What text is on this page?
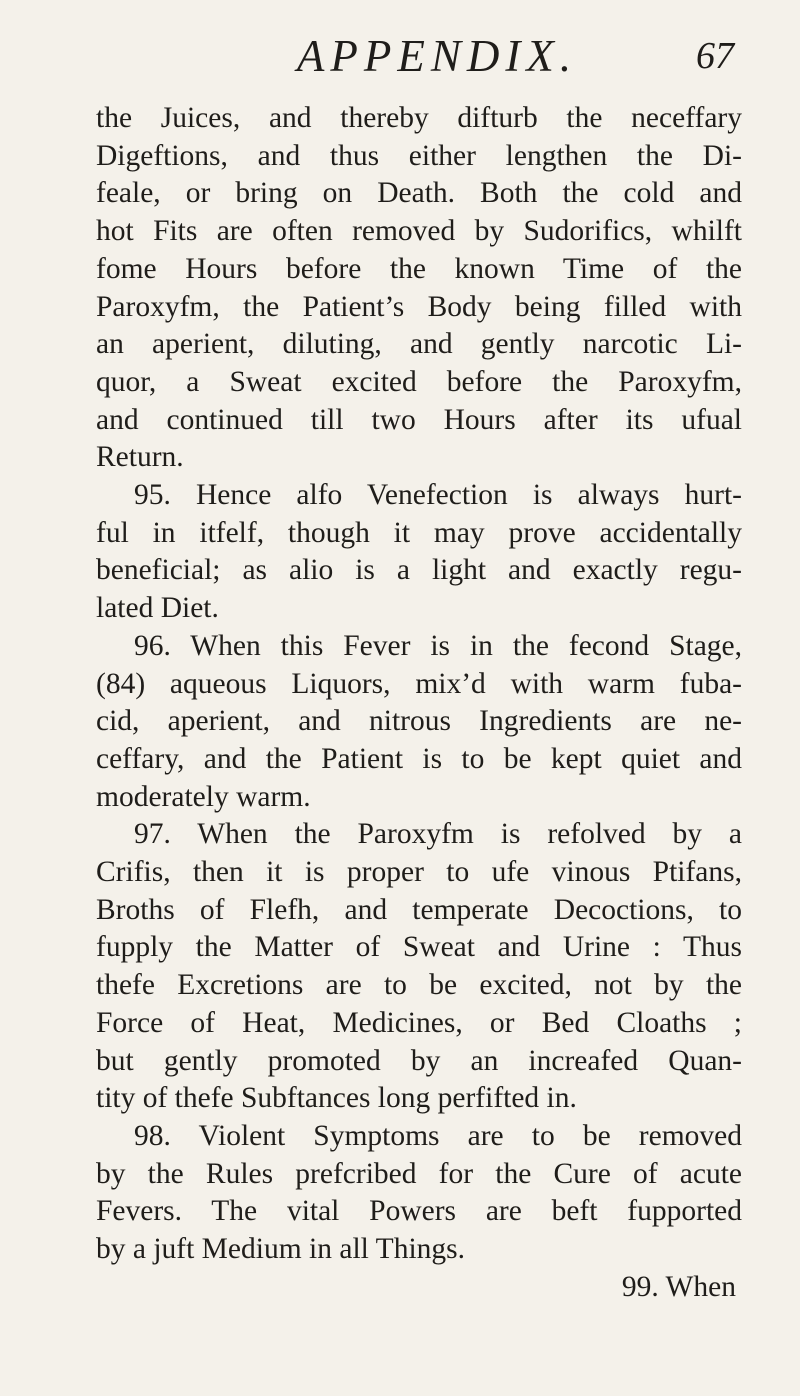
APPENDIX.	67
the Juices, and thereby difturb the neceffary
Digeftions, and thus either lengthen the Di-
feale, or bring on Death. Both the cold and
hot Fits are often removed by Sudorifics, whilft
fome Hours before the known Time of the
Paroxyfm, the Patient’s Body being filled with
an aperient, diluting, and gently narcotic Li-
quor, a Sweat excited before the Paroxyfm,
and continued till two Hours after its ufual
Return.
95. Hence alfo Venefection is always hurt-
ful in itfelf, though it may prove accidentally
beneficial; as alio is a light and exactly regu-
lated Diet.
96. When this Fever is in the fecond Stage,
(84) aqueous Liquors, mix’d with warm fuba-
cid, aperient, and nitrous Ingredients are ne-
ceffary, and the Patient is to be kept quiet and
moderately warm.
97. When the Paroxyfm is refolved by a
Crifis, then it is proper to ufe vinous Ptifans,
Broths of Flefh, and temperate Decoctions, to
fupply the Matter of Sweat and Urine : Thus
thefe Excretions are to be excited, not by the
Force of Heat, Medicines, or Bed Cloaths ;
but gently promoted by an increafed Quan-
tity of thefe Subftances long perfifted in.
98. Violent Symptoms are to be removed
by the Rules prefcribed for the Cure of acute
Fevers. The vital Powers are beft fupported
by a juft Medium in all Things.
99. When
